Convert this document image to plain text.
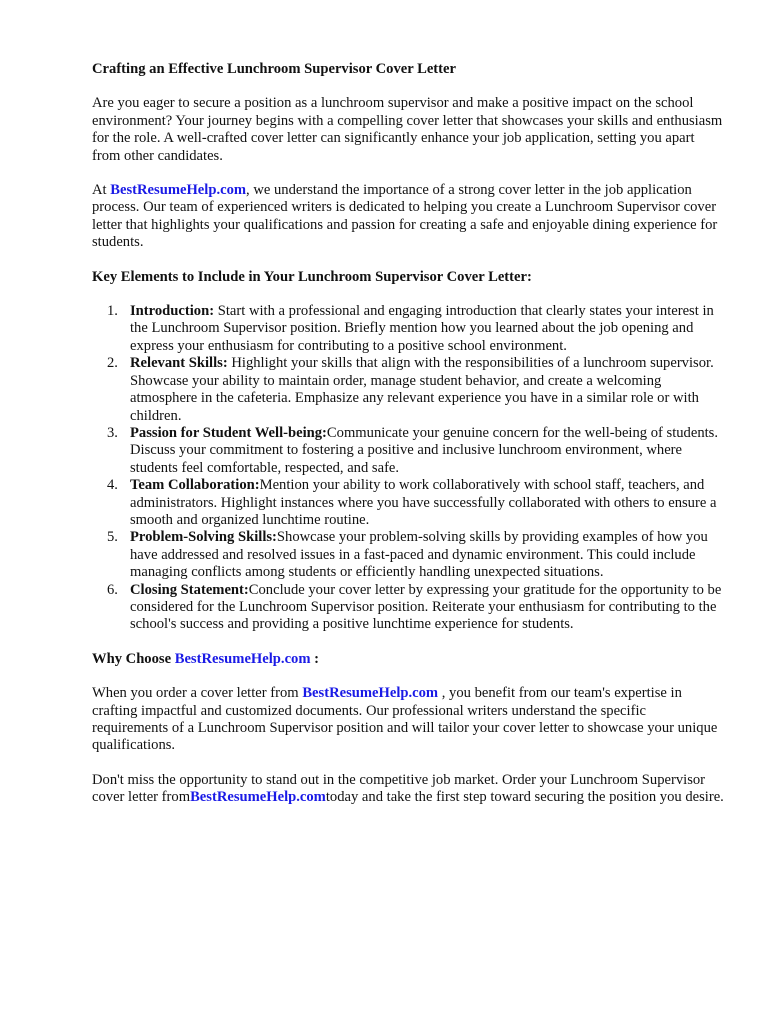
Crafting an Effective Lunchroom Supervisor Cover Letter

Are you eager to secure a position as a lunchroom supervisor and make a positive impact on the school environment? Your journey begins with a compelling cover letter that showcases your skills and enthusiasm for the role. A well-crafted cover letter can significantly enhance your job application, setting you apart from other candidates.

At BestResumeHelp.com, we understand the importance of a strong cover letter in the job application process. Our team of experienced writers is dedicated to helping you create a Lunchroom Supervisor cover letter that highlights your qualifications and passion for creating a safe and enjoyable dining experience for students.

Key Elements to Include in Your Lunchroom Supervisor Cover Letter:
1. Introduction: Start with a professional and engaging introduction that clearly states your interest in the Lunchroom Supervisor position. Briefly mention how you learned about the job opening and express your enthusiasm for contributing to a positive school environment.
2. Relevant Skills: Highlight your skills that align with the responsibilities of a lunchroom supervisor. Showcase your ability to maintain order, manage student behavior, and create a welcoming atmosphere in the cafeteria. Emphasize any relevant experience you have in a similar role or with children.
3. Passion for Student Well-being:Communicate your genuine concern for the well-being of students. Discuss your commitment to fostering a positive and inclusive lunchroom environment, where students feel comfortable, respected, and safe.
4. Team Collaboration:Mention your ability to work collaboratively with school staff, teachers, and administrators. Highlight instances where you have successfully collaborated with others to ensure a smooth and organized lunchtime routine.
5. Problem-Solving Skills:Showcase your problem-solving skills by providing examples of how you have addressed and resolved issues in a fast-paced and dynamic environment. This could include managing conflicts among students or efficiently handling unexpected situations.
6. Closing Statement:Conclude your cover letter by expressing your gratitude for the opportunity to be considered for the Lunchroom Supervisor position. Reiterate your enthusiasm for contributing to the school's success and providing a positive lunchtime experience for students.
Why Choose BestResumeHelp.com :

When you order a cover letter from BestResumeHelp.com , you benefit from our team's expertise in crafting impactful and customized documents. Our professional writers understand the specific requirements of a Lunchroom Supervisor position and will tailor your cover letter to showcase your unique qualifications.

Don't miss the opportunity to stand out in the competitive job market. Order your Lunchroom Supervisor cover letter fromBestResumeHelp.comtoday and take the first step toward securing the position you desire.
